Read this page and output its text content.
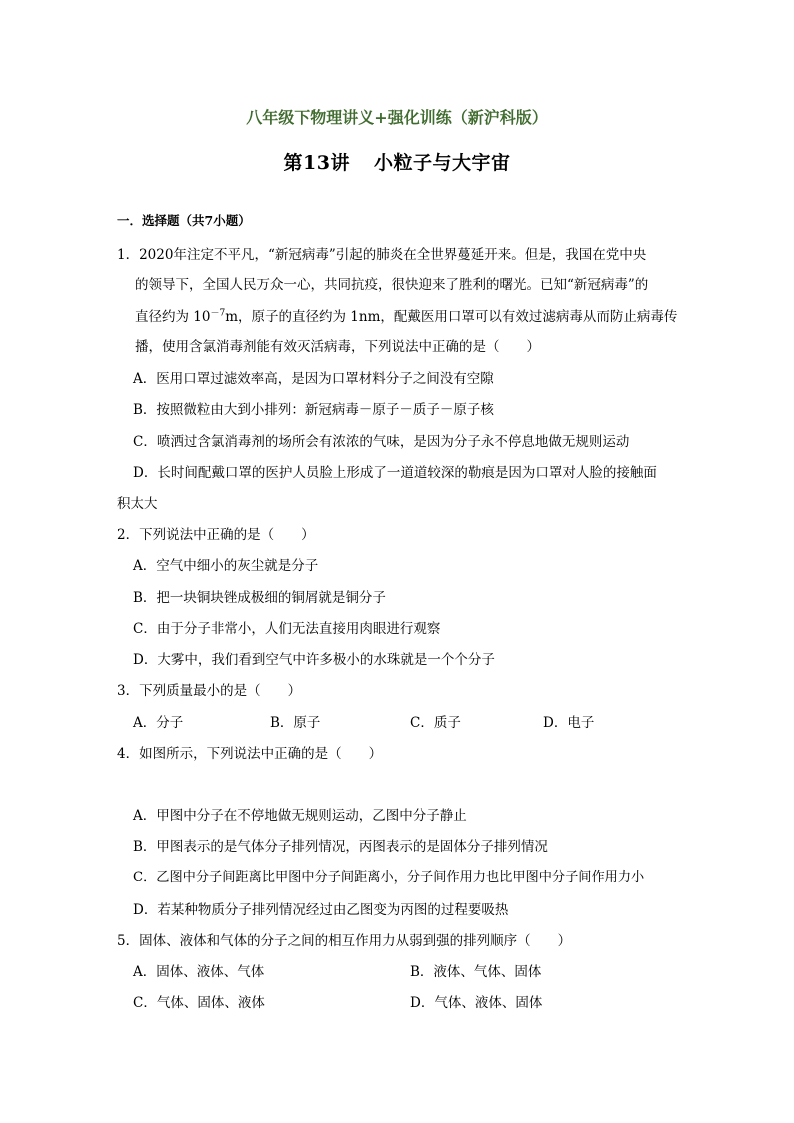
八年级下物理讲义+强化训练（新沪科版）
第13讲 小粒子与大宇宙
一．选择题（共7小题）
1．2020年注定不平凡，“新冠病毒”引起的肺炎在全世界蔓延开来。但是，我国在党中央
的领导下，全国人民万众一心，共同抗疫，很快迎来了胜利的曙光。已知“新冠病毒”的
直径约为 $10^{-7}m$，原子的直径约为 1nm，配戴医用口罩可以有效过滤病毒从而防止病毒传
播，使用含氯消毒剂能有效灭活病毒，下列说法中正确的是（　　）
A．医用口罩过滤效率高，是因为口罩材料分子之间没有空隙
B．按照微粒由大到小排列：新冠病毒－原子－质子－原子核
C．喷洒过含氯消毒剂的场所会有浓浓的气味，是因为分子永不停息地做无规则运动
D．长时间配戴口罩的医护人员脸上形成了一道道较深的勒痕是因为口罩对人脸的接触面
积太大
2．下列说法中正确的是（　　）
A．空气中细小的灰尘就是分子
B．把一块铜块锉成极细的铜屑就是铜分子
C．由于分子非常小，人们无法直接用肉眼进行观察
D．大雾中，我们看到空气中许多极小的水珠就是一个个分子
3．下列质量最小的是（　　）
A．分子	B．原子	C．质子	D．电子
4．如图所示，下列说法中正确的是（　　）
A．甲图中分子在不停地做无规则运动，乙图中分子静止
B．甲图表示的是气体分子排列情况，丙图表示的是固体分子排列情况
C．乙图中分子间距离比甲图中分子间距离小，分子间作用力也比甲图中分子间作用力小
D．若某种物质分子排列情况经过由乙图变为丙图的过程要吸热
5．固体、液体和气体的分子之间的相互作用力从弱到强的排列顺序（　　）
A．固体、液体、气体	B．液体、气体、固体
C．气体、固体、液体	D．气体、液体、固体
